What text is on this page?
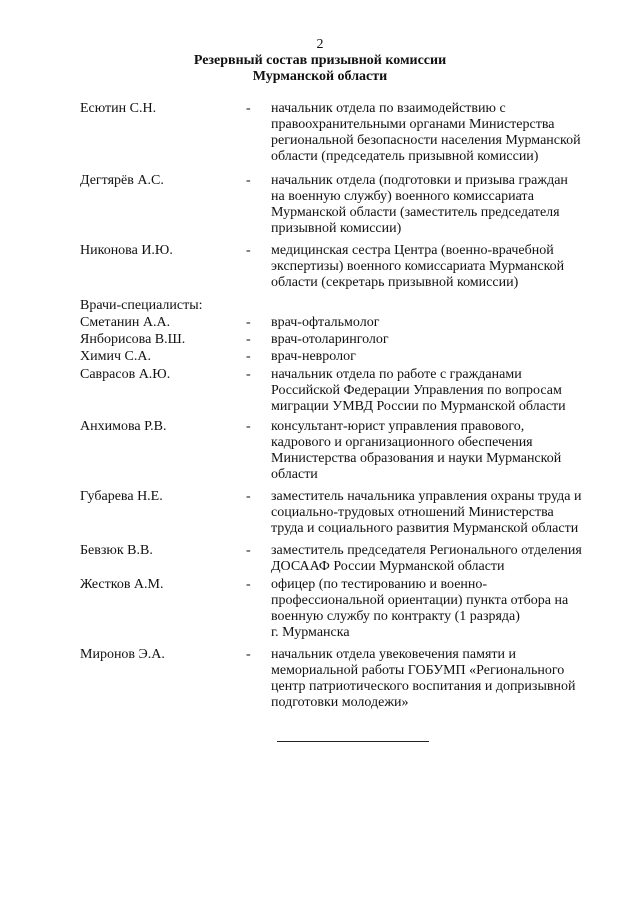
2
Резервный состав призывной комиссии
Мурманской области
Есютин С.Н.	- начальник отдела по взаимодействию с
правоохранительными органами Министерства
региональной безопасности населения Мурманской
области (председатель призывной комиссии)
Дегтярёв А.С.	- начальник отдела (подготовки и призыва граждан
на военную службу) военного комиссариата
Мурманской области (заместитель председателя
призывной комиссии)
Никонова И.Ю.	- медицинская сестра Центра (военно-врачебной
экспертизы) военного комиссариата Мурманской
области (секретарь призывной комиссии)
Врачи-специалисты:
Сметанин А.А.	- врач-офтальмолог
Янборисова В.Ш.	- врач-отоларинголог
Химич С.А.	- врач-невролог
Саврасов А.Ю.	- начальник отдела по работе с гражданами
Российской Федерации Управления по вопросам
миграции УМВД России по Мурманской области
Анхимова Р.В.	- консультант-юрист управления правового,
кадрового и организационного обеспечения
Министерства образования и науки Мурманской
области
Губарева Н.Е.	- заместитель начальника управления охраны труда и
социально-трудовых отношений Министерства
труда и социального развития Мурманской области
Бевзюк В.В.	- заместитель председателя Регионального отделения
ДОСААФ России Мурманской области
Жестков А.М.	- офицер (по тестированию и военно-
профессиональной ориентации) пункта отбора на
военную службу по контракту (1 разряда)
г. Мурманска
Миронов Э.А.	- начальник отдела увековечения памяти и
мемориальной работы ГОБУМП «Регионального
центр патриотического воспитания и допризывной
подготовки молодежи»
